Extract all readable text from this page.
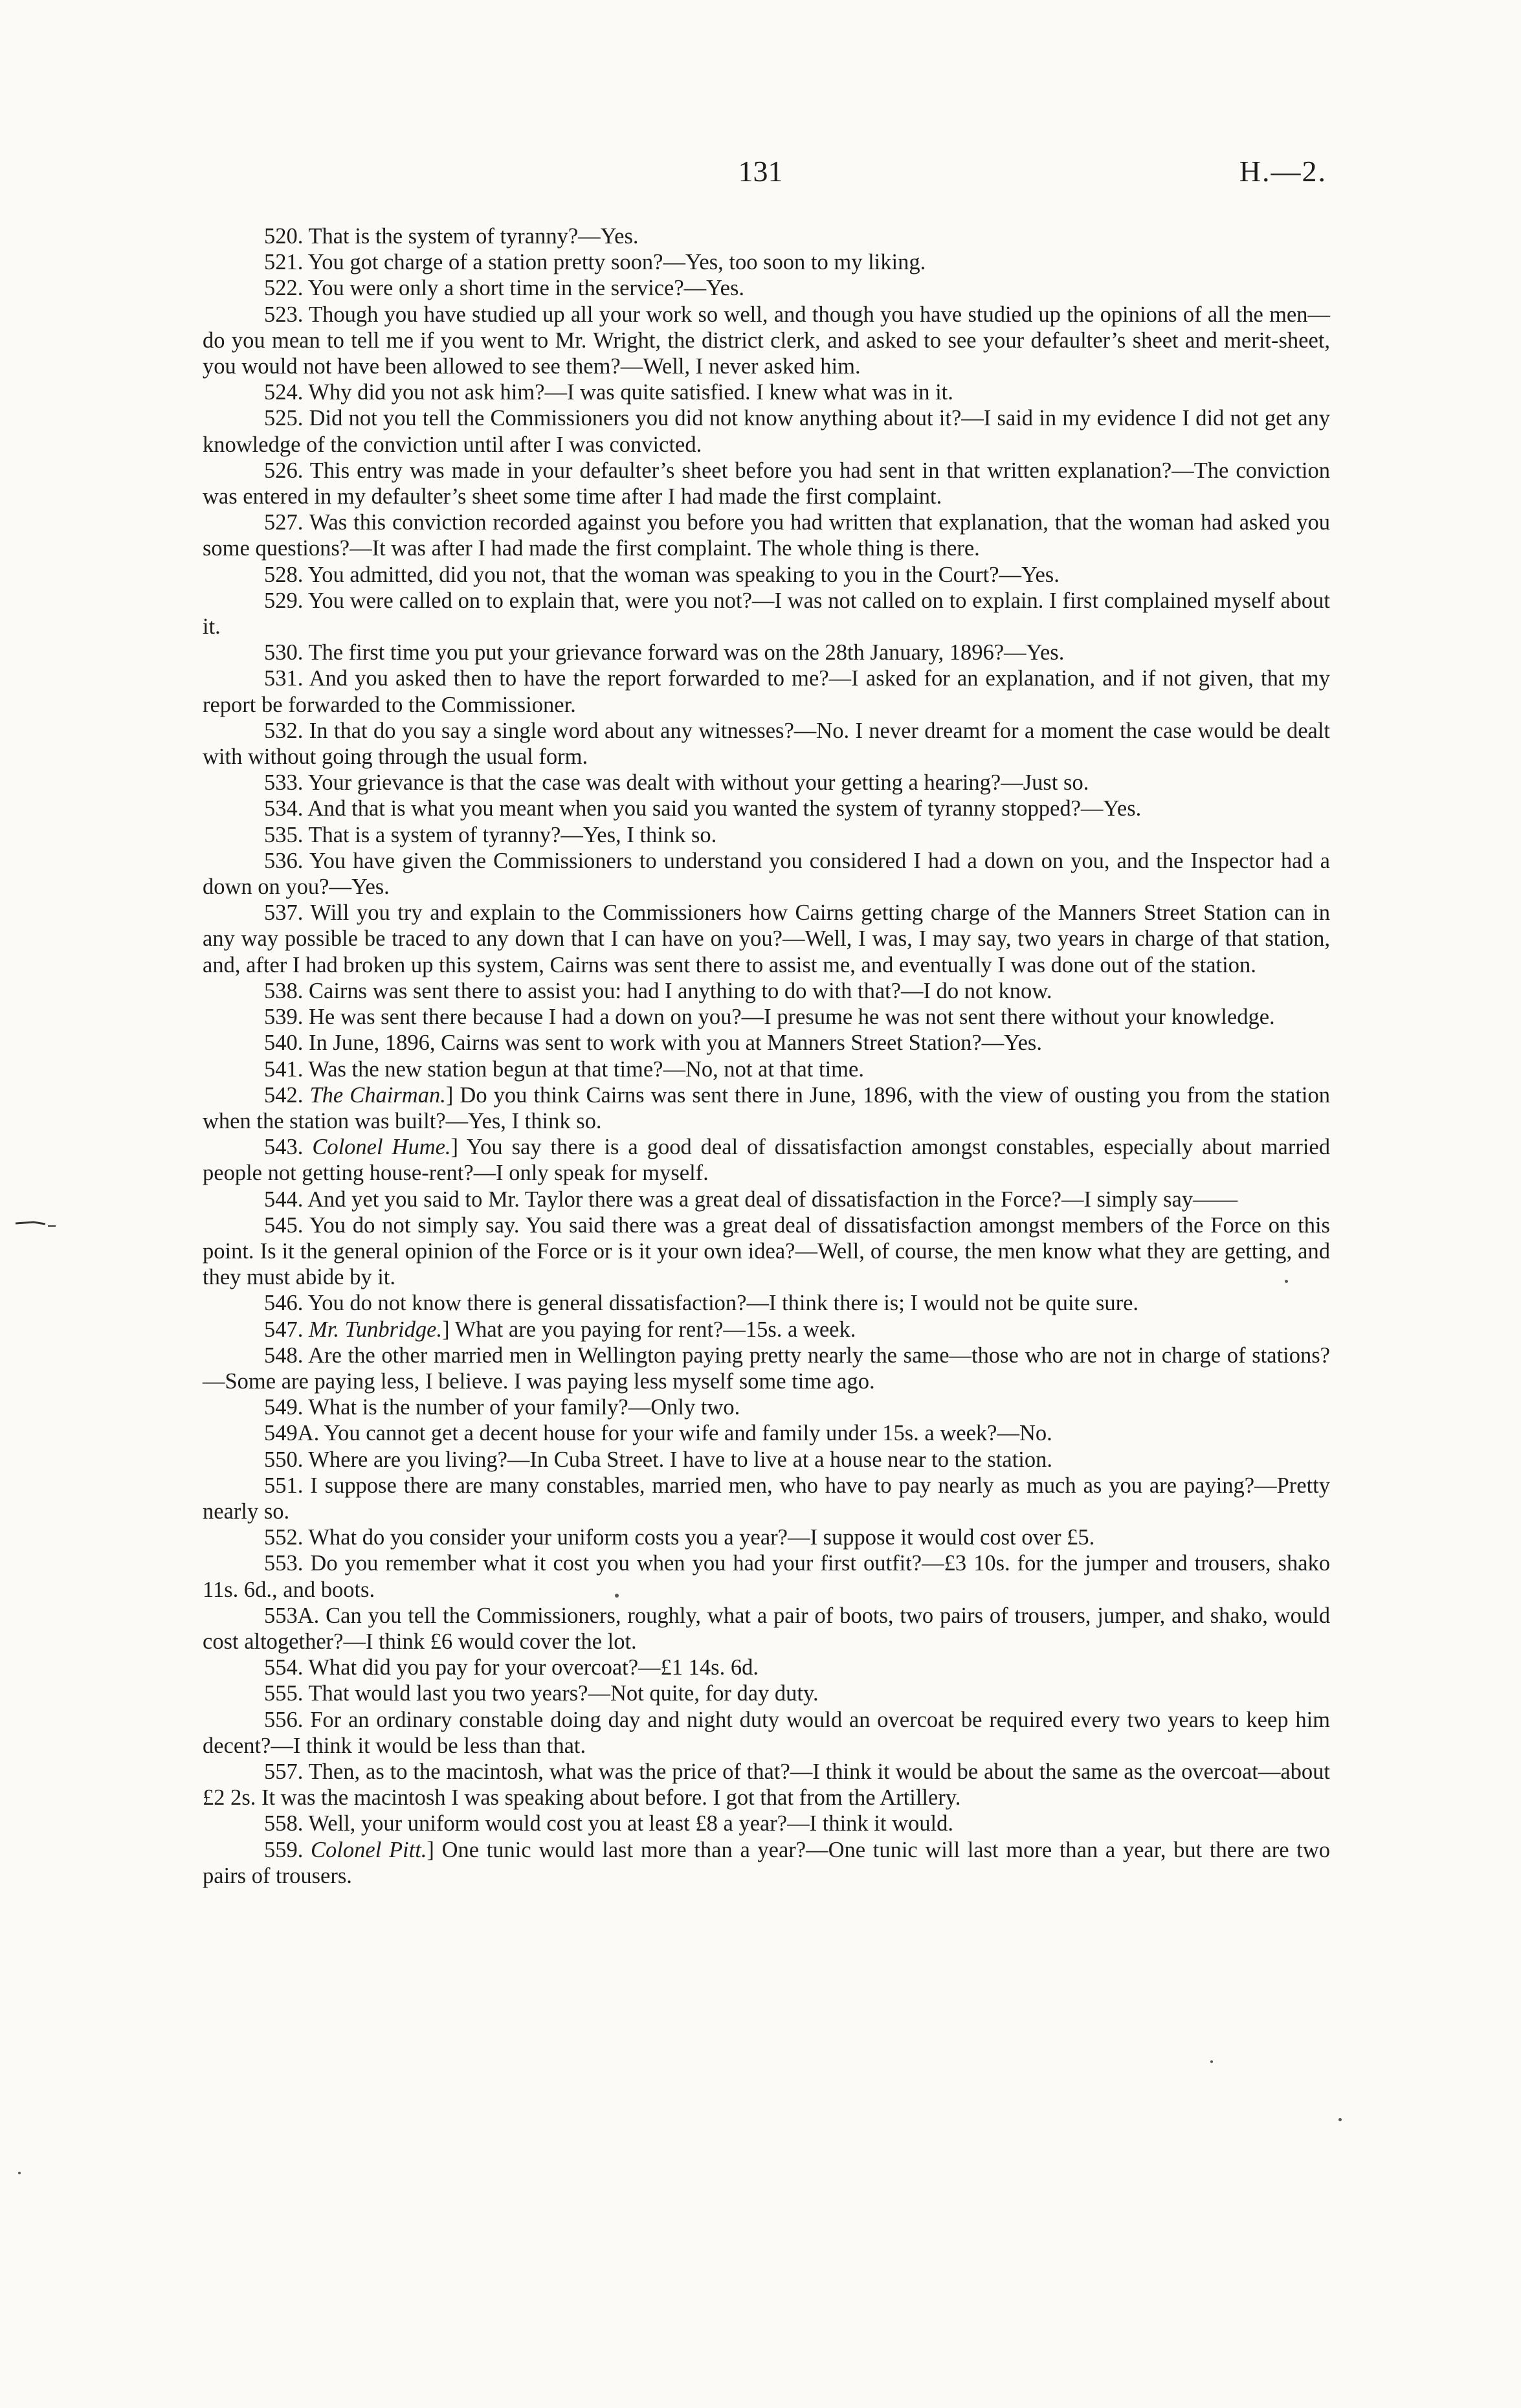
131	H.—2.

520. That is the system of tyranny?—Yes.

521. You got charge of a station pretty soon?—Yes, too soon to my liking.

522. You were only a short time in the service?—Yes.

523. Though you have studied up all your work so well, and though you have studied up the opinions of all the men—do you mean to tell me if you went to Mr. Wright, the district clerk, and asked to see your defaulter’s sheet and merit-sheet, you would not have been allowed to see them?—Well, I never asked him.

524. Why did you not ask him?—I was quite satisfied. I knew what was in it.

525. Did not you tell the Commissioners you did not know anything about it?—I said in my evidence I did not get any knowledge of the conviction until after I was convicted.

526. This entry was made in your defaulter’s sheet before you had sent in that written explanation?—The conviction was entered in my defaulter’s sheet some time after I had made the first complaint.

527. Was this conviction recorded against you before you had written that explanation, that the woman had asked you some questions?—It was after I had made the first complaint. The whole thing is there.

528. You admitted, did you not, that the woman was speaking to you in the Court?—Yes.

529. You were called on to explain that, were you not?—I was not called on to explain. I first complained myself about it.

530. The first time you put your grievance forward was on the 28th January, 1896?—Yes.

531. And you asked then to have the report forwarded to me?—I asked for an explanation, and if not given, that my report be forwarded to the Commissioner.

532. In that do you say a single word about any witnesses?—No. I never dreamt for a moment the case would be dealt with without going through the usual form.

533. Your grievance is that the case was dealt with without your getting a hearing?—Just so.

534. And that is what you meant when you said you wanted the system of tyranny stopped?—Yes.

535. That is a system of tyranny?—Yes, I think so.

536. You have given the Commissioners to understand you considered I had a down on you, and the Inspector had a down on you?—Yes.

537. Will you try and explain to the Commissioners how Cairns getting charge of the Manners Street Station can in any way possible be traced to any down that I can have on you?—Well, I was, I may say, two years in charge of that station, and, after I had broken up this system, Cairns was sent there to assist me, and eventually I was done out of the station.

538. Cairns was sent there to assist you: had I anything to do with that?—I do not know.

539. He was sent there because I had a down on you?—I presume he was not sent there without your knowledge.

540. In June, 1896, Cairns was sent to work with you at Manners Street Station?—Yes.

541. Was the new station begun at that time?—No, not at that time.

542. The Chairman.] Do you think Cairns was sent there in June, 1896, with the view of ousting you from the station when the station was built?—Yes, I think so.

543. Colonel Hume.] You say there is a good deal of dissatisfaction amongst constables, especially about married people not getting house-rent?—I only speak for myself.

544. And yet you said to Mr. Taylor there was a great deal of dissatisfaction in the Force?—I simply say——

545. You do not simply say. You said there was a great deal of dissatisfaction amongst members of the Force on this point. Is it the general opinion of the Force or is it your own idea?—Well, of course, the men know what they are getting, and they must abide by it.

546. You do not know there is general dissatisfaction?—I think there is; I would not be quite sure.

547. Mr. Tunbridge.] What are you paying for rent?—15s. a week.

548. Are the other married men in Wellington paying pretty nearly the same—those who are not in charge of stations?—Some are paying less, I believe. I was paying less myself some time ago.

549. What is the number of your family?—Only two.

549A. You cannot get a decent house for your wife and family under 15s. a week?—No.

550. Where are you living?—In Cuba Street. I have to live at a house near to the station.

551. I suppose there are many constables, married men, who have to pay nearly as much as you are paying?—Pretty nearly so.

552. What do you consider your uniform costs you a year?—I suppose it would cost over £5.

553. Do you remember what it cost you when you had your first outfit?—£3 10s. for the jumper and trousers, shako 11s. 6d., and boots.

553A. Can you tell the Commissioners, roughly, what a pair of boots, two pairs of trousers, jumper, and shako, would cost altogether?—I think £6 would cover the lot.

554. What did you pay for your overcoat?—£1 14s. 6d.

555. That would last you two years?—Not quite, for day duty.

556. For an ordinary constable doing day and night duty would an overcoat be required every two years to keep him decent?—I think it would be less than that.

557. Then, as to the macintosh, what was the price of that?—I think it would be about the same as the overcoat—about £2 2s. It was the macintosh I was speaking about before. I got that from the Artillery.

558. Well, your uniform would cost you at least £8 a year?—I think it would.

559. Colonel Pitt.] One tunic would last more than a year?—One tunic will last more than a year, but there are two pairs of trousers.
